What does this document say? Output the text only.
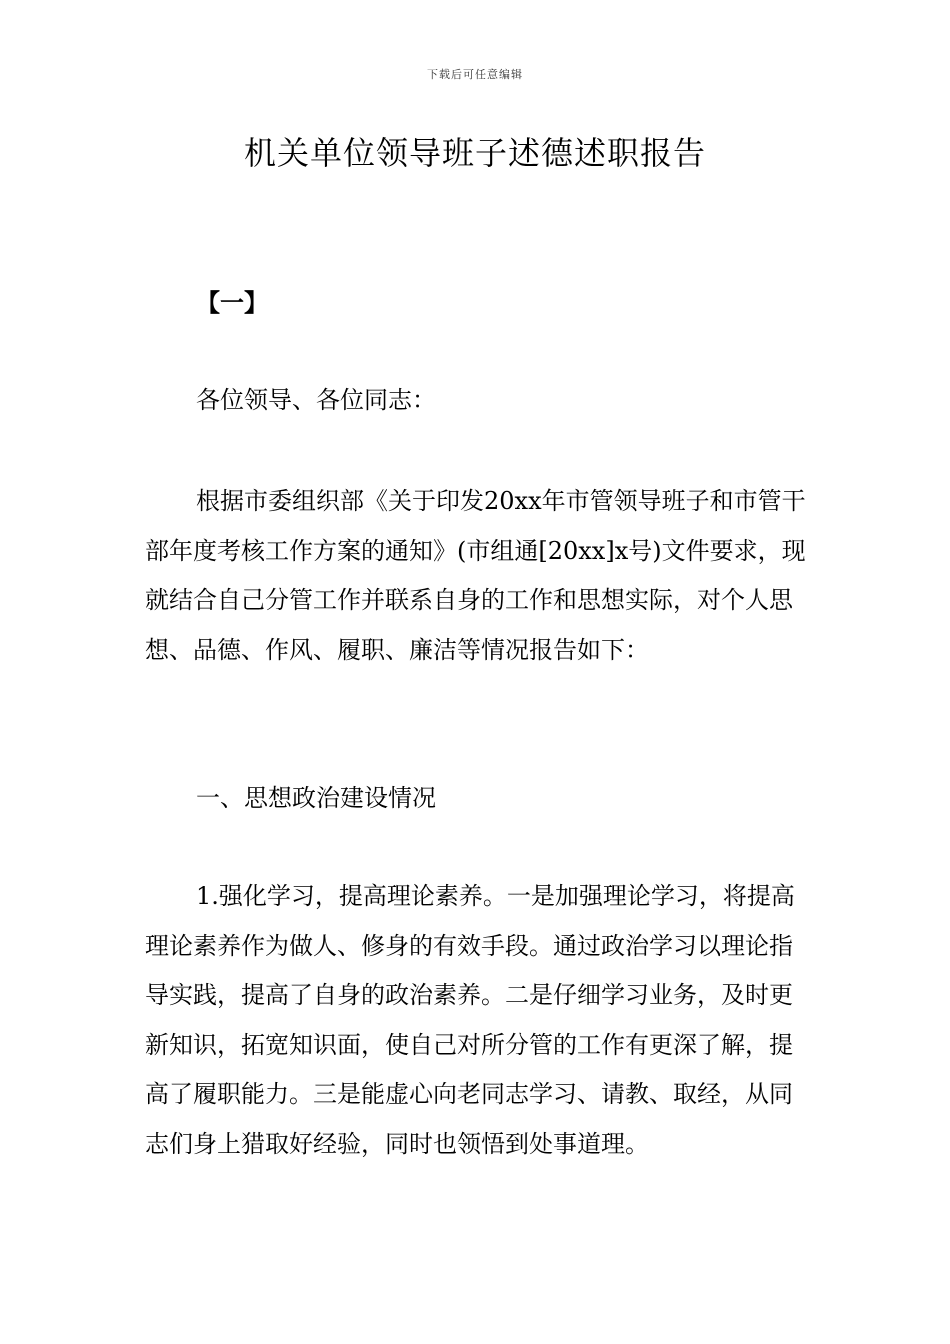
下载后可任意编辑
机关单位领导班子述德述职报告
【一】

各位领导、各位同志：

根据市委组织部《关于印发20xx年市管领导班子和市管干部年度考核工作方案的通知》(市组通[20xx]x号)文件要求，现就结合自己分管工作并联系自身的工作和思想实际，对个人思想、品德、作风、履职、廉洁等情况报告如下：

一、思想政治建设情况

1.强化学习，提高理论素养。一是加强理论学习，将提高理论素养作为做人、修身的有效手段。通过政治学习以理论指导实践，提高了自身的政治素养。二是仔细学习业务，及时更新知识，拓宽知识面，使自己对所分管的工作有更深了解，提高了履职能力。三是能虚心向老同志学习、请教、取经，从同志们身上猎取好经验，同时也领悟到处事道理。
